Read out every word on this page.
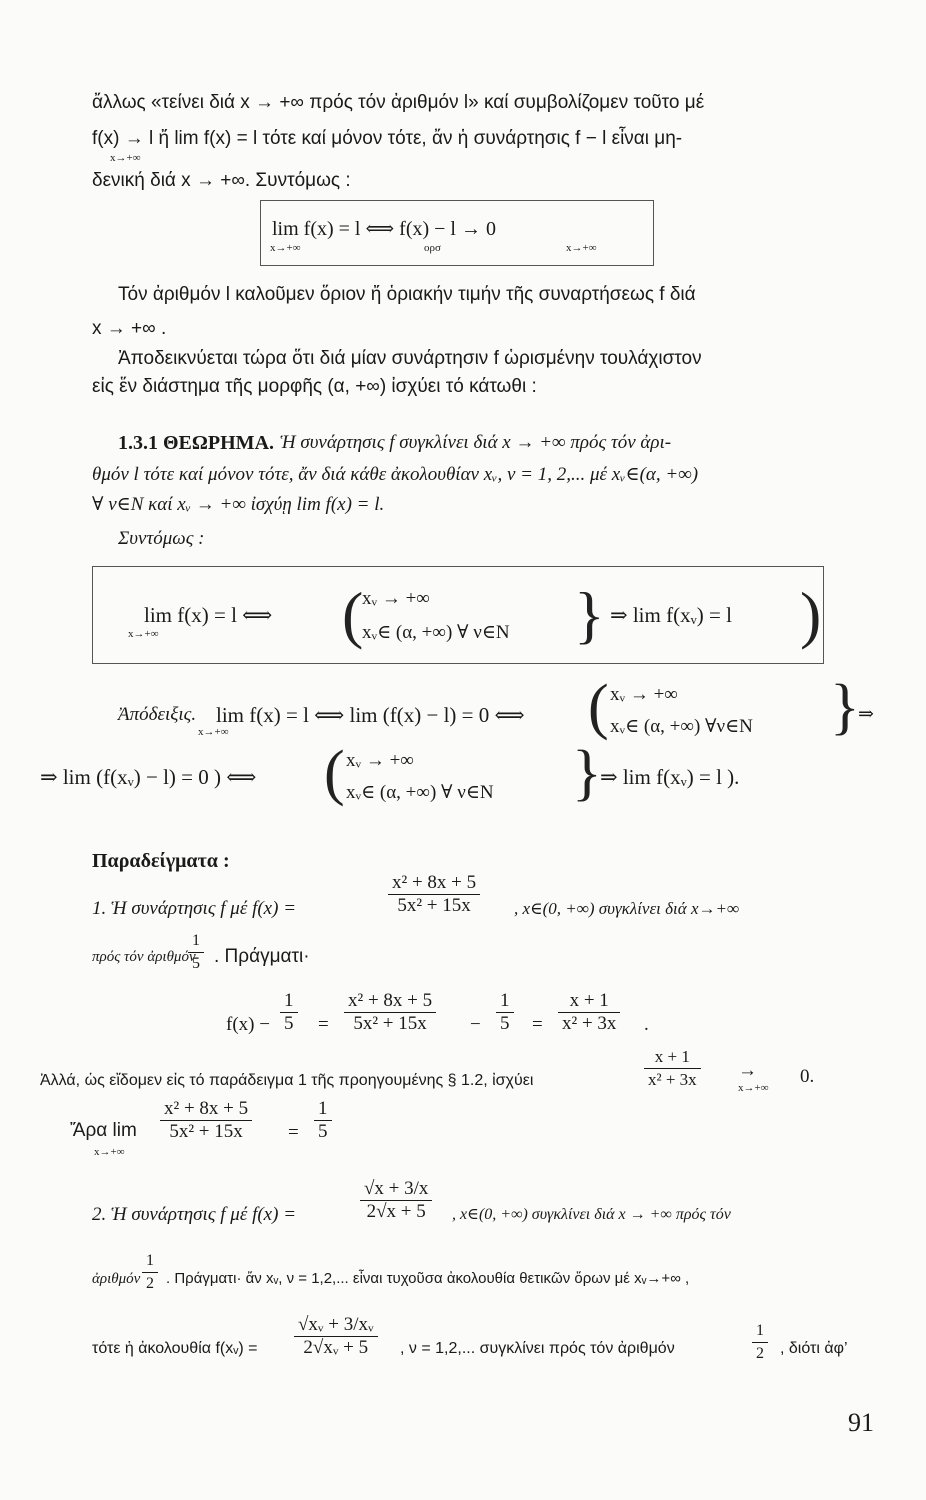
ἄλλως «τείνει διά x → +∞ πρός τόν ἀριθμόν l» καί συμβολίζομεν τοῦτο μέ
f(x) → l ἤ lim f(x) = l τότε καί μόνον τότε, ἄν ἡ συνάρτησις f − l εἶναι μη-
x→+∞
δενική διά x → +∞. Συντόμως :
lim f(x) = l ⟺ f(x) − l → 0
x→+∞	ορσ	x→+∞
Τόν ἀριθμόν l καλοῦμεν ὅριον ἤ ὁριακήν τιμήν τῆς συναρτήσεως f διά
x → +∞ .
Ἀποδεικνύεται τώρα ὅτι διά μίαν συνάρτησιν f ὡρισμένην τουλάχιστον
εἰς ἕν διάστημα τῆς μορφῆς (α, +∞) ἰσχύει τό κάτωθι :
1.3.1 ΘΕΩΡΗΜΑ. Ἡ συνάρτησις f συγκλίνει διά x → +∞ πρός τόν ἀρι-
θμόν l τότε καί μόνον τότε, ἄν διά κάθε ἀκολουθίαν xᵥ, ν = 1, 2,... μέ xᵥ∈(α, +∞)
∀ ν∈N καί xᵥ → +∞ ἰσχύῃ lim f(x) = l.
Συντόμως :
lim f(x) = l ⟺
x→+∞	(
xᵥ → +∞
xᵥ∈ (α, +∞) ∀ ν∈N } ⇒ lim f(xᵥ) = l )
Ἀπόδειξις. lim f(x) = l ⟺ lim (f(x) − l) = 0 ⟺
x→+∞	( xᵥ → +∞
xᵥ∈ (α, +∞) ∀ν∈N }
⇒
⇒ lim (f(xᵥ) − l) = 0 ) ⟺ ( xᵥ → +∞
xᵥ∈ (α, +∞) ∀ ν∈N }
⇒ lim f(xᵥ) = l ).
Παραδείγματα :
1. Ἡ συνάρτησις f μέ f(x) =	$\frac{\text{x² + 8x + 5}}{\text{5x² + 15x}}$ , x∈(0, +∞) συγκλίνει διά x→+∞
πρός τόν ἀριθμόν
$\frac{1}{5}$ . Πράγματι·
$f(x) - \frac{1}{5} = \frac{\text{x² + 8x + 5}}{\text{5x² + 15x}} - \frac{1}{5} = \frac{x + 1}{\text{x² + 3x}}$ .
Ἀλλά, ὡς εἴδομεν εἰς τό παράδειγμα 1 τῆς προηγουμένης § 1.2, ἰσχύει	$\frac{x + 1}{\text{x² + 3x}}$ →
x→+∞
0.
Ἄρα lim
x→+∞
$\frac{\text{x² + 8x + 5}}{\text{5x² + 15x}} = \frac{1}{5}$
2. Ἡ συνάρτησις f μέ f(x) =	$\frac{√x + 3/x}{2√x + 5}$ , x∈(0, +∞) συγκλίνει διά x → +∞ πρός τόν
ἀριθμόν $\frac{1}{2}$ . Πράγματι· ἄν xᵥ, ν = 1,2,... εἶναι τυχοῦσα ἀκολουθία θετικῶν ὅρων μέ xᵥ→+∞ ,
τότε ἡ ἀκολουθία f(xᵥ) = $\frac{\text{√xᵥ + 3/xᵥ}}{\text{2√xᵥ + 5}}$ , ν = 1,2,... συγκλίνει πρός τόν ἀριθμόν	$\frac{1}{2}$ , διότι ἀφ’
91
